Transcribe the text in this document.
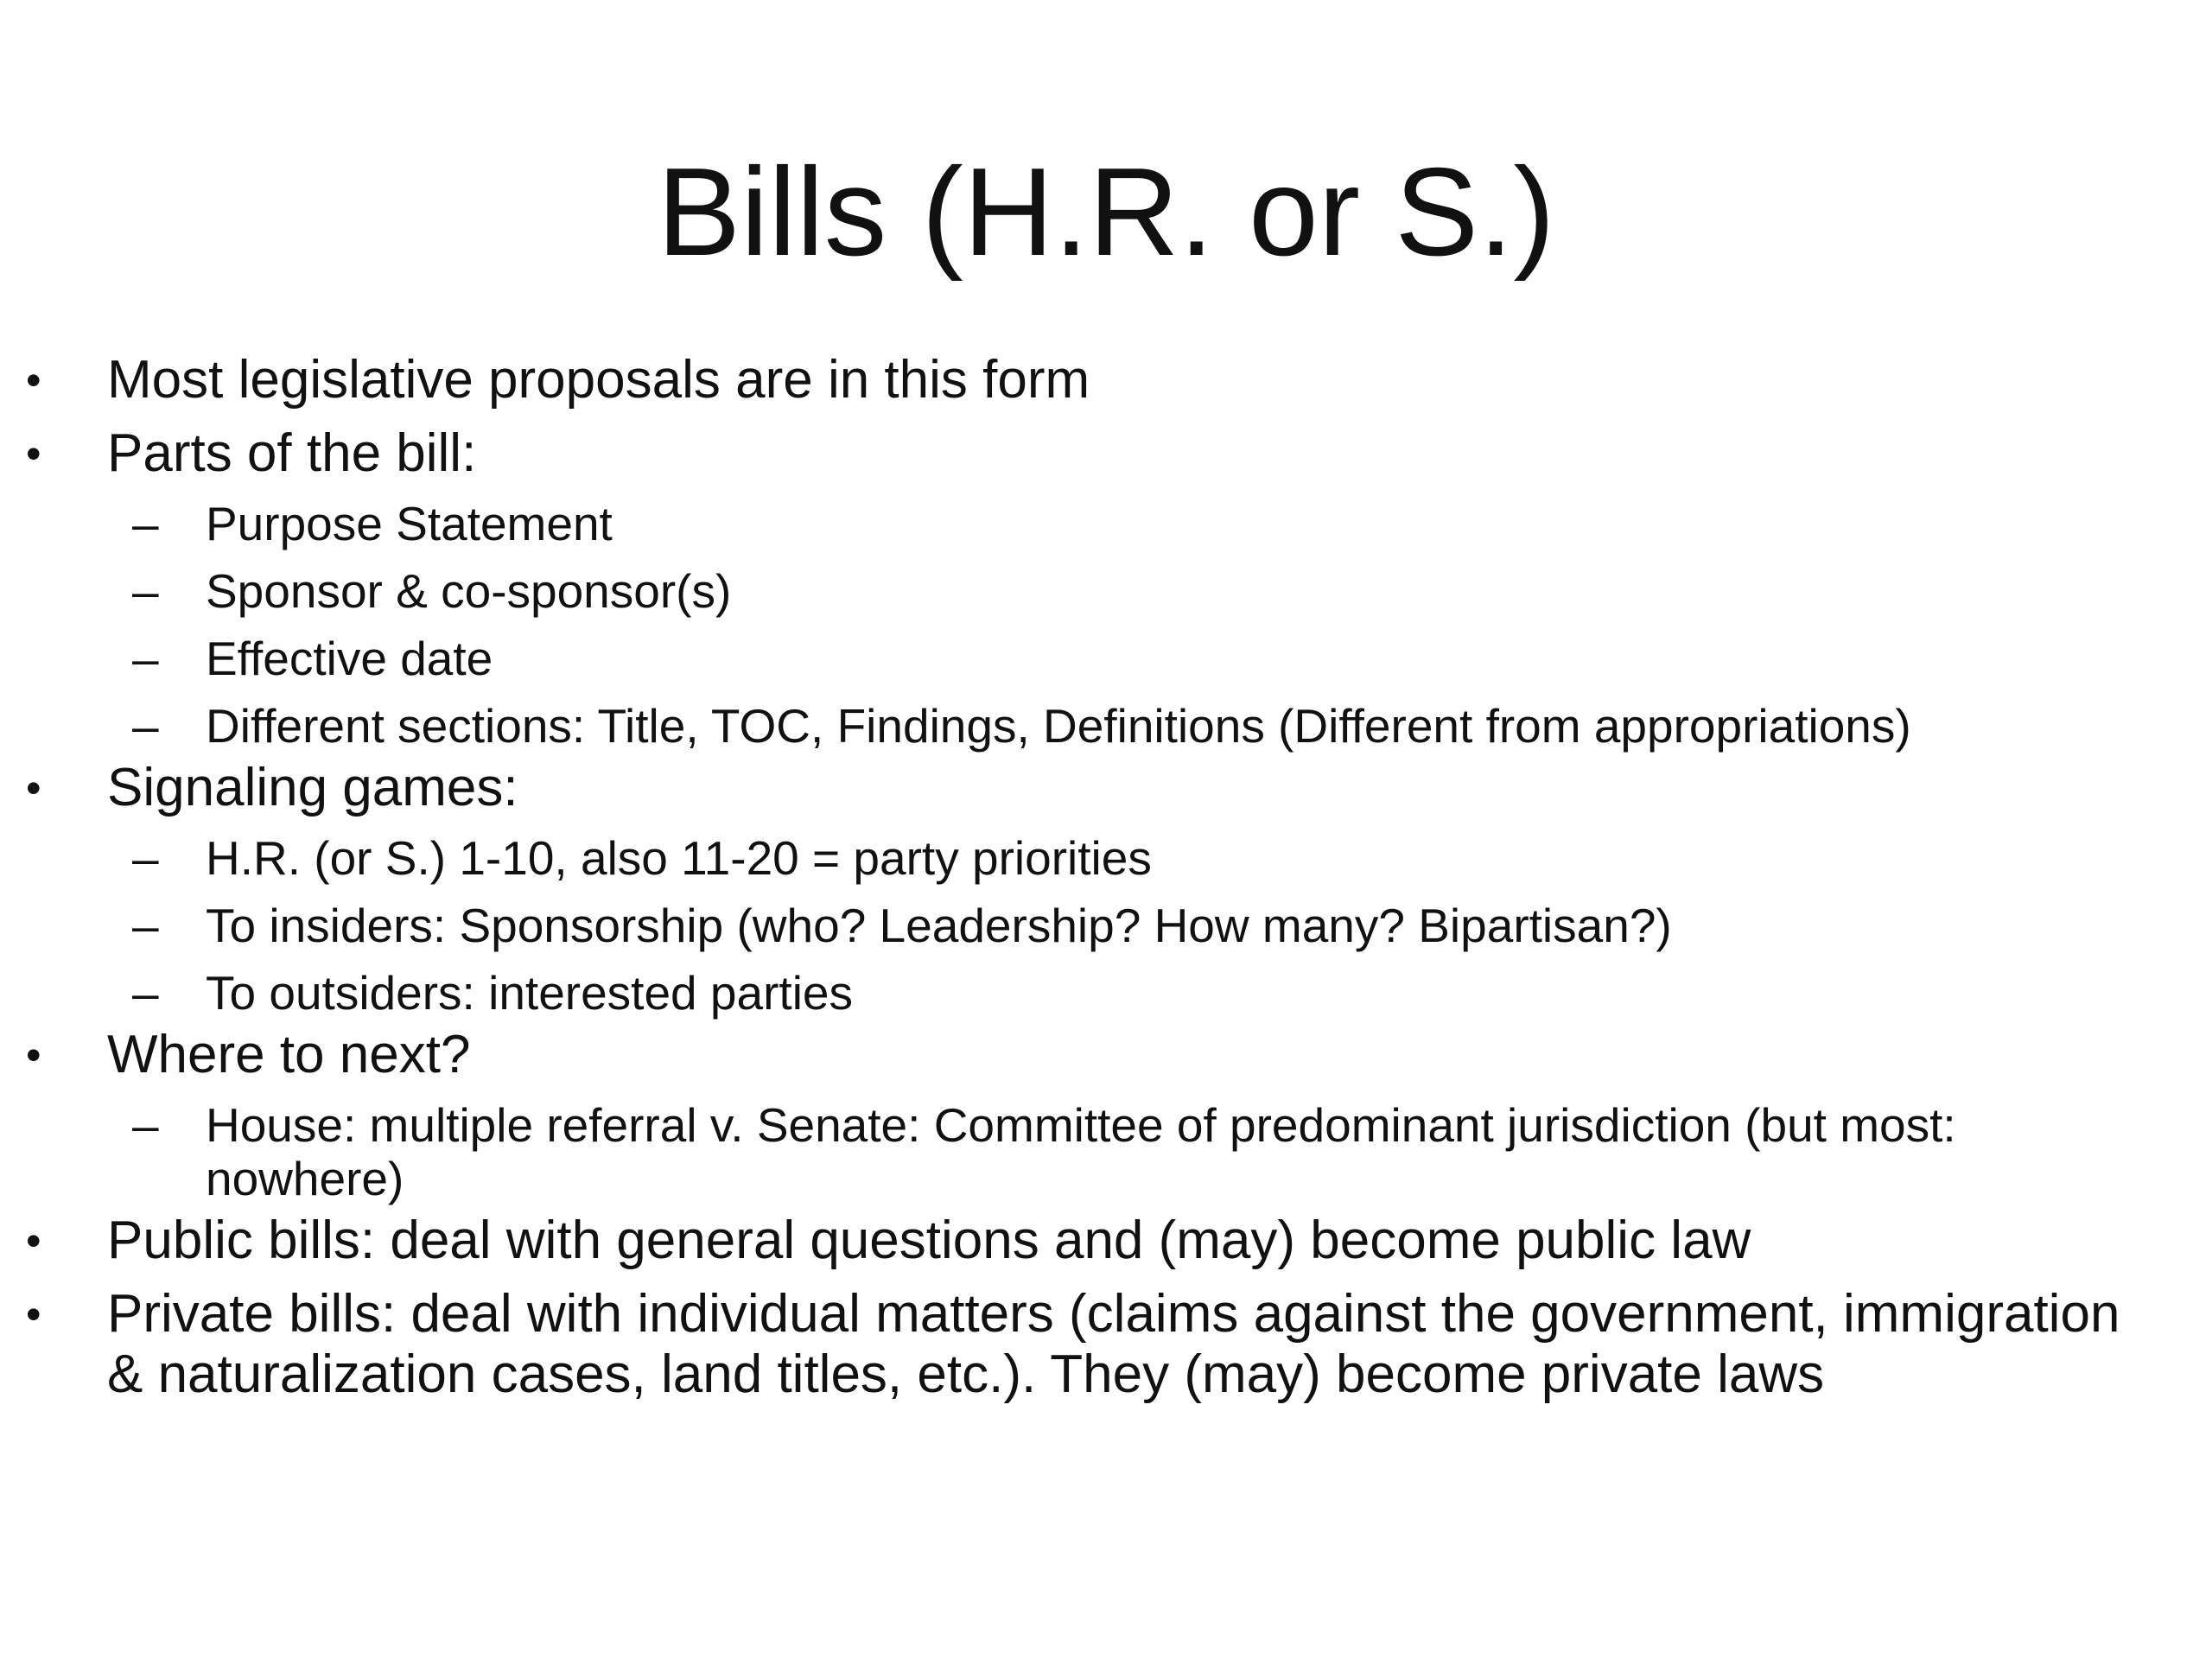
Bills (H.R. or S.)
•	Most legislative proposals are in this form
•	Parts of the bill:
– Purpose Statement
– Sponsor & co-sponsor(s)
– Effective date
– Different sections: Title, TOC, Findings, Definitions (Different from appropriations)
•	Signaling games:
– H.R. (or S.) 1-10, also 11-20 = party priorities
– To insiders: Sponsorship (who? Leadership? How many? Bipartisan?)
– To outsiders: interested parties
•	Where to next?
– House: multiple referral v. Senate: Committee of predominant jurisdiction (but most: nowhere)
•	Public bills: deal with general questions and (may) become public law
•	Private bills: deal with individual matters (claims against the government, immigration & naturalization cases, land titles, etc.). They (may) become private laws
